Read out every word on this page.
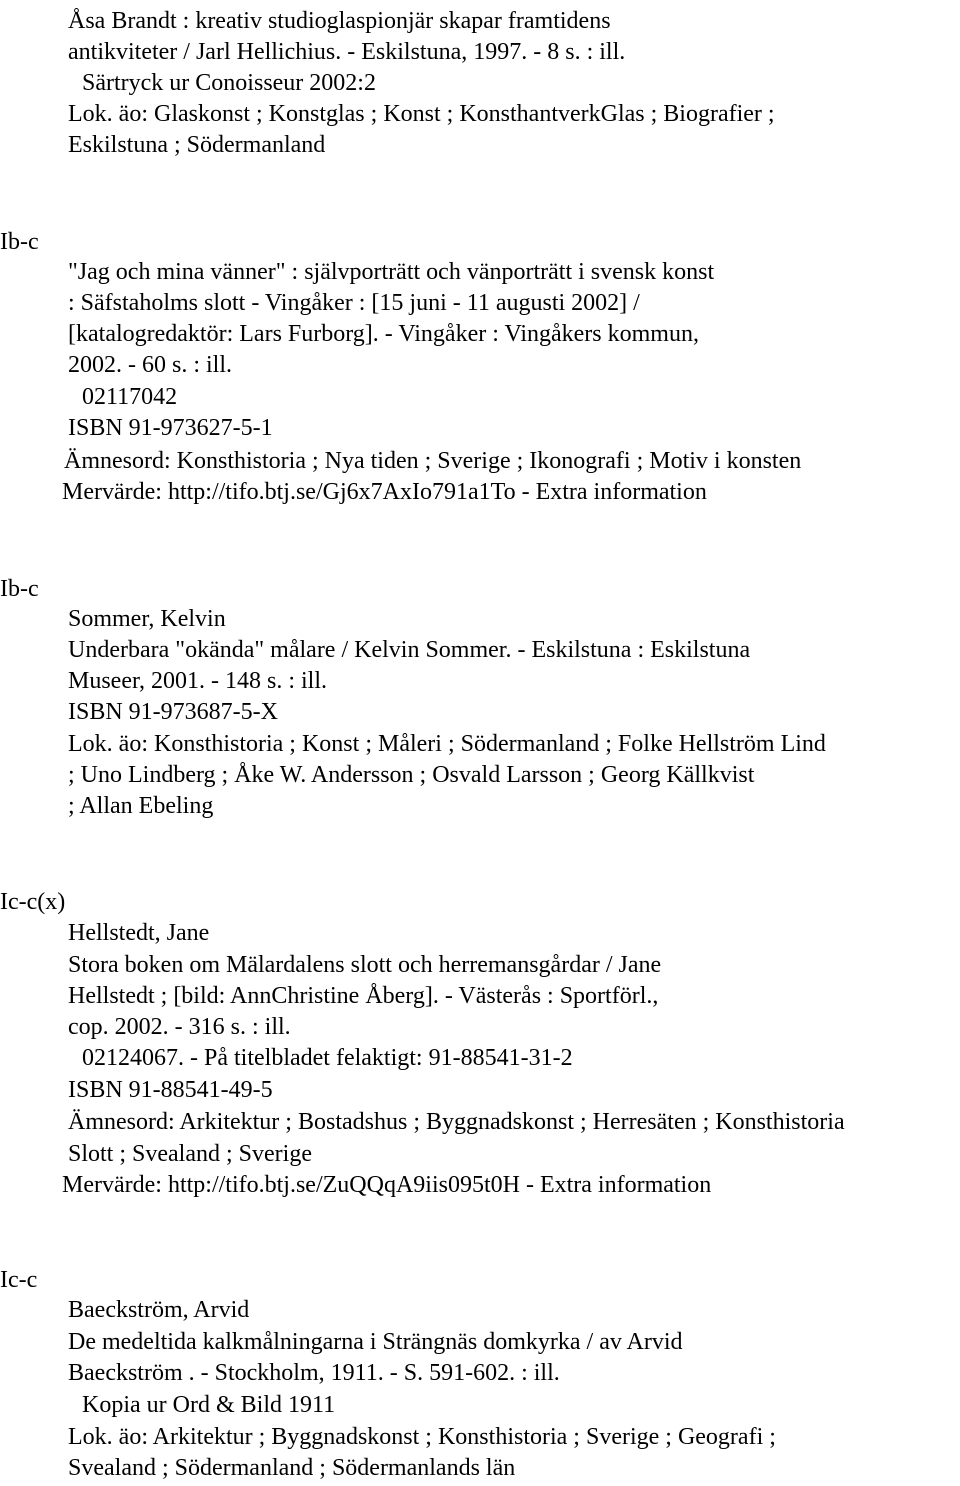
Åsa Brandt : kreativ studioglaspionjär skapar framtidens
antikviteter / Jarl Hellichius. - Eskilstuna, 1997. - 8 s. : ill.
Särtryck ur Conoisseur 2002:2
Lok. äo: Glaskonst ; Konstglas ; Konst ; KonsthantverkGlas ; Biografier ;
Eskilstuna ; Södermanland
Ib-c
"Jag och mina vänner" : självporträtt och vänporträtt i svensk konst
: Säfstaholms slott - Vingåker : [15 juni - 11 augusti 2002] /
[katalogredaktör: Lars Furborg]. - Vingåker : Vingåkers kommun,
2002. - 60 s. : ill.
02117042
ISBN 91-973627-5-1
Ämnesord: Konsthistoria ; Nya tiden ; Sverige ; Ikonografi ; Motiv i konsten
Mervärde: http://tifo.btj.se/Gj6x7AxIo791a1To - Extra information
Ib-c
Sommer, Kelvin
Underbara "okända" målare / Kelvin Sommer. - Eskilstuna : Eskilstuna
Museer, 2001. - 148 s. : ill.
ISBN 91-973687-5-X
Lok. äo: Konsthistoria ; Konst ; Måleri ; Södermanland ; Folke Hellström Lind
; Uno Lindberg ; Åke W. Andersson ; Osvald Larsson ; Georg Källkvist
; Allan Ebeling
Ic-c(x)
Hellstedt, Jane
Stora boken om Mälardalens slott och herremansgårdar / Jane
Hellstedt ; [bild: AnnChristine Åberg]. - Västerås : Sportförl.,
cop. 2002. - 316 s. : ill.
02124067. - På titelbladet felaktigt: 91-88541-31-2
ISBN 91-88541-49-5
Ämnesord: Arkitektur ; Bostadshus ; Byggnadskonst ; Herresäten ; Konsthistoria
Slott ; Svealand ; Sverige
Mervärde: http://tifo.btj.se/ZuQQqA9iis095t0H - Extra information
Ic-c
Baeckström, Arvid
De medeltida kalkmålningarna i Strängnäs domkyrka / av Arvid
Baeckström . - Stockholm, 1911. - S. 591-602. : ill.
Kopia ur Ord & Bild 1911
Lok. äo: Arkitektur ; Byggnadskonst ; Konsthistoria ; Sverige ; Geografi ;
Svealand ; Södermanland ; Södermanlands län
